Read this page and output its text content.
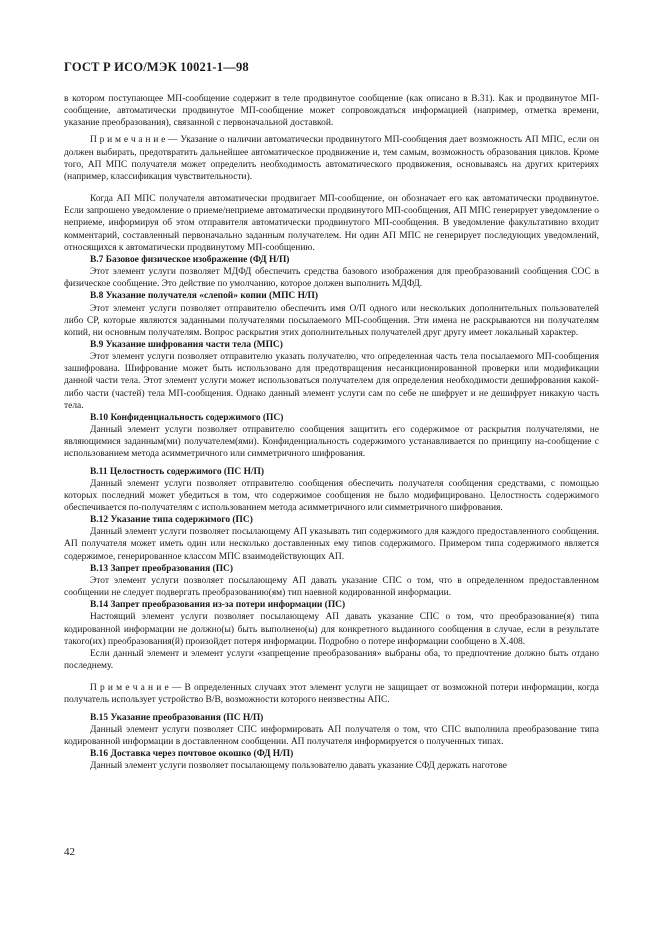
ГОСТ Р ИСО/МЭК 10021-1—98

в котором поступающее МП-сообщение содержит в теле продвинутое сообщение (как описано в В.31). Как и продвинутое МП-сообщение, автоматически продвинутое МП-сообщение может сопровождаться информацией (например, отметка времени, указание преобразования), связанной с первоначальной доставкой.

П р и м е ч а н и е — Указание о наличии автоматически продвинутого МП-сообщения дает возможность АП МПС, если он должен выбирать, предотвратить дальнейшее автоматическое продвижение и, тем самым, возможность образования циклов. Кроме того, АП МПС получателя может определить необходимость автоматического продвижения, основываясь на других критериях (например, классификация чувствительности).

Когда АП МПС получателя автоматически продвигает МП-сообщение, он обозначает его как автоматически продвинутое. Если запрошено уведомление о приеме/неприеме автоматически продвинутого МП-сообщения, АП МПС генерирует уведомление о неприеме, информируя об этом отправителя автоматически продвинутого МП-сообщения. В уведомление факультативно входит комментарий, составленный первоначально заданным получателем. Ни один АП МПС не генерирует последующих уведомлений, относящихся к автоматически продвинутому МП-сообщению.

В.7 Базовое физическое изображение (ФД Н/П)

Этот элемент услуги позволяет МДФД обеспечить средства базового изображения для преобразований сообщения СОС в физическое сообщение. Это действие по умолчанию, которое должен выполнить МДФД.

В.8 Указание получателя «слепой» копии (МПС Н/П)

Этот элемент услуги позволяет отправителю обеспечить имя О/П одного или нескольких дополнительных пользователей либо СР, которые являются заданными получателями посылаемого МП-сообщения. Эти имена не раскрываются ни получателям копий, ни основным получателям. Вопрос раскрытия этих дополнительных получателей друг другу имеет локальный характер.

В.9 Указание шифрования части тела (МПС)

Этот элемент услуги позволяет отправителю указать получателю, что определенная часть тела посылаемого МП-сообщения зашифрована. Шифрование может быть использовано для предотвращения несанкционированной проверки или модификации данной части тела. Этот элемент услуги может использоваться получателем для определения необходимости дешифрования какой-либо части (частей) тела МП-сообщения. Однако данный элемент услуги сам по себе не шифрует и не дешифрует никакую часть тела.

В.10 Конфиденциальность содержимого (ПС)

Данный элемент услуги позволяет отправителю сообщения защитить его содержимое от раскрытия получателями, не являющимися заданным(ми) получателем(ями). Конфиденциальность содержимого устанавливается по принципу на-сообщение с использованием метода асимметричного или симметричного шифрования.

В.11 Целостность содержимого (ПС Н/П)

Данный элемент услуги позволяет отправителю сообщения обеспечить получателя сообщения средствами, с помощью которых последний может убедиться в том, что содержимое сообщения не было модифицировано. Целостность содержимого обеспечивается по-получателям с использованием метода асимметричного или симметричного шифрования.

В.12 Указание типа содержимого (ПС)

Данный элемент услуги позволяет посылающему АП указывать тип содержимого для каждого предоставленного сообщения. АП получателя может иметь один или несколько доставленных ему типов содержимого. Примером типа содержимого является содержимое, генерированное классом МПС взаимодействующих АП.

В.13 Запрет преобразования (ПС)

Этот элемент услуги позволяет посылающему АП давать указание СПС о том, что в определенном предоставленном сообщении не следует подвергать преобразованию(ям) тип наевной кодированной информации.

В.14 Запрет преобразования из-за потери информации (ПС)

Настоящий элемент услуги позволяет посылающему АП давать указание СПС о том, что преобразование(я) типа кодированной информации не должно(ы) быть выполнено(ы) для конкретного выданного сообщения в случае, если в результате такого(их) преобразования(й) произойдет потеря информации. Подробно о потере информации сообщено в Х.408.

Если данный элемент и элемент услуги «запрещение преобразования» выбраны оба, то предпочтение должно быть отдано последнему.

П р и м е ч а н и е — В определенных случаях этот элемент услуги не защищает от возможной потери информации, когда получатель использует устройство В/В, возможности которого неизвестны АПС.

В.15 Указание преобразования (ПС Н/П)

Данный элемент услуги позволяет СПС информировать АП получателя о том, что СПС выполнила преобразование типа кодированной информации в доставленном сообщении. АП получателя информируется о полученных типах.

В.16 Доставка через почтовое окошко (ФД Н/П)

Данный элемент услуги позволяет посылающему пользователю давать указание СФД держать наготове

42
